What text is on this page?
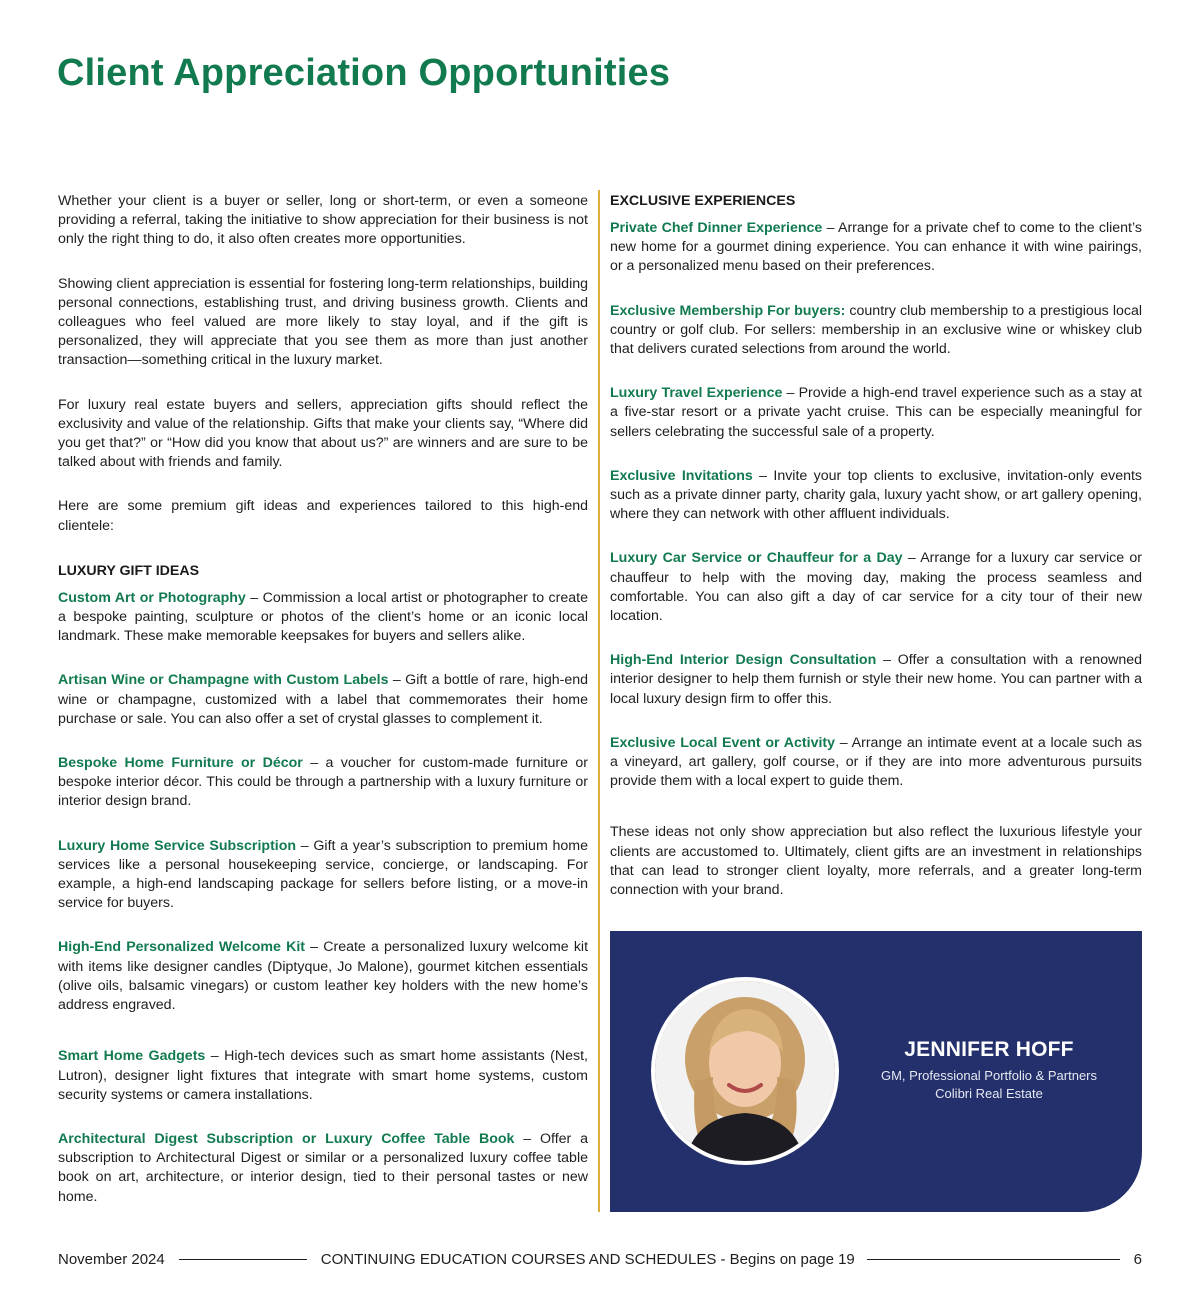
Client Appreciation Opportunities

Whether your client is a buyer or seller, long or short-term, or even a someone providing a referral, taking the initiative to show appreciation for their business is not only the right thing to do, it also often creates more opportunities.

Showing client appreciation is essential for fostering long-term relationships, building personal connections, establishing trust, and driving business growth. Clients and colleagues who feel valued are more likely to stay loyal, and if the gift is personalized, they will appreciate that you see them as more than just another transaction—something critical in the luxury market.

For luxury real estate buyers and sellers, appreciation gifts should reflect the exclusivity and value of the relationship. Gifts that make your clients say, “Where did you get that?” or “How did you know that about us?” are winners and are sure to be talked about with friends and family.

Here are some premium gift ideas and experiences tailored to this high-end clientele:

LUXURY GIFT IDEAS

Custom Art or Photography – Commission a local artist or photographer to create a bespoke painting, sculpture or photos of the client’s home or an iconic local landmark. These make memorable keepsakes for buyers and sellers alike.

Artisan Wine or Champagne with Custom Labels – Gift a bottle of rare, high-end wine or champagne, customized with a label that commemorates their home purchase or sale. You can also offer a set of crystal glasses to complement it.

Bespoke Home Furniture or Décor – a voucher for custom-made furniture or bespoke interior décor. This could be through a partnership with a luxury furniture or interior design brand.

Luxury Home Service Subscription – Gift a year’s subscription to premium home services like a personal housekeeping service, concierge, or landscaping. For example, a high-end landscaping package for sellers before listing, or a move-in service for buyers.

High-End Personalized Welcome Kit – Create a personalized luxury welcome kit with items like designer candles (Diptyque, Jo Malone), gourmet kitchen essentials (olive oils, balsamic vinegars) or custom leather key holders with the new home’s address engraved.

Smart Home Gadgets – High-tech devices such as smart home assistants (Nest, Lutron), designer light fixtures that integrate with smart home systems, custom security systems or camera installations.

Architectural Digest Subscription or Luxury Coffee Table Book – Offer a subscription to Architectural Digest or similar or a personalized luxury coffee table book on art, architecture, or interior design, tied to their personal tastes or new home.

EXCLUSIVE EXPERIENCES

Private Chef Dinner Experience – Arrange for a private chef to come to the client’s new home for a gourmet dining experience. You can enhance it with wine pairings, or a personalized menu based on their preferences.

Exclusive Membership For buyers: country club membership to a prestigious local country or golf club. For sellers: membership in an exclusive wine or whiskey club that delivers curated selections from around the world.

Luxury Travel Experience – Provide a high-end travel experience such as a stay at a five-star resort or a private yacht cruise. This can be especially meaningful for sellers celebrating the successful sale of a property.

Exclusive Invitations – Invite your top clients to exclusive, invitation-only events such as a private dinner party, charity gala, luxury yacht show, or art gallery opening, where they can network with other affluent individuals.

Luxury Car Service or Chauffeur for a Day – Arrange for a luxury car service or chauffeur to help with the moving day, making the process seamless and comfortable. You can also gift a day of car service for a city tour of their new location.

High-End Interior Design Consultation – Offer a consultation with a renowned interior designer to help them furnish or style their new home. You can partner with a local luxury design firm to offer this.

Exclusive Local Event or Activity – Arrange an intimate event at a locale such as a vineyard, art gallery, golf course, or if they are into more adventurous pursuits provide them with a local expert to guide them.

These ideas not only show appreciation but also reflect the luxurious lifestyle your clients are accustomed to. Ultimately, client gifts are an investment in relationships that can lead to stronger client loyalty, more referrals, and a greater long-term connection with your brand.

JENNIFER HOFF
GM, Professional Portfolio & Partners
Colibri Real Estate
November 2024	CONTINUING EDUCATION COURSES AND SCHEDULES - Begins on page 19	6
